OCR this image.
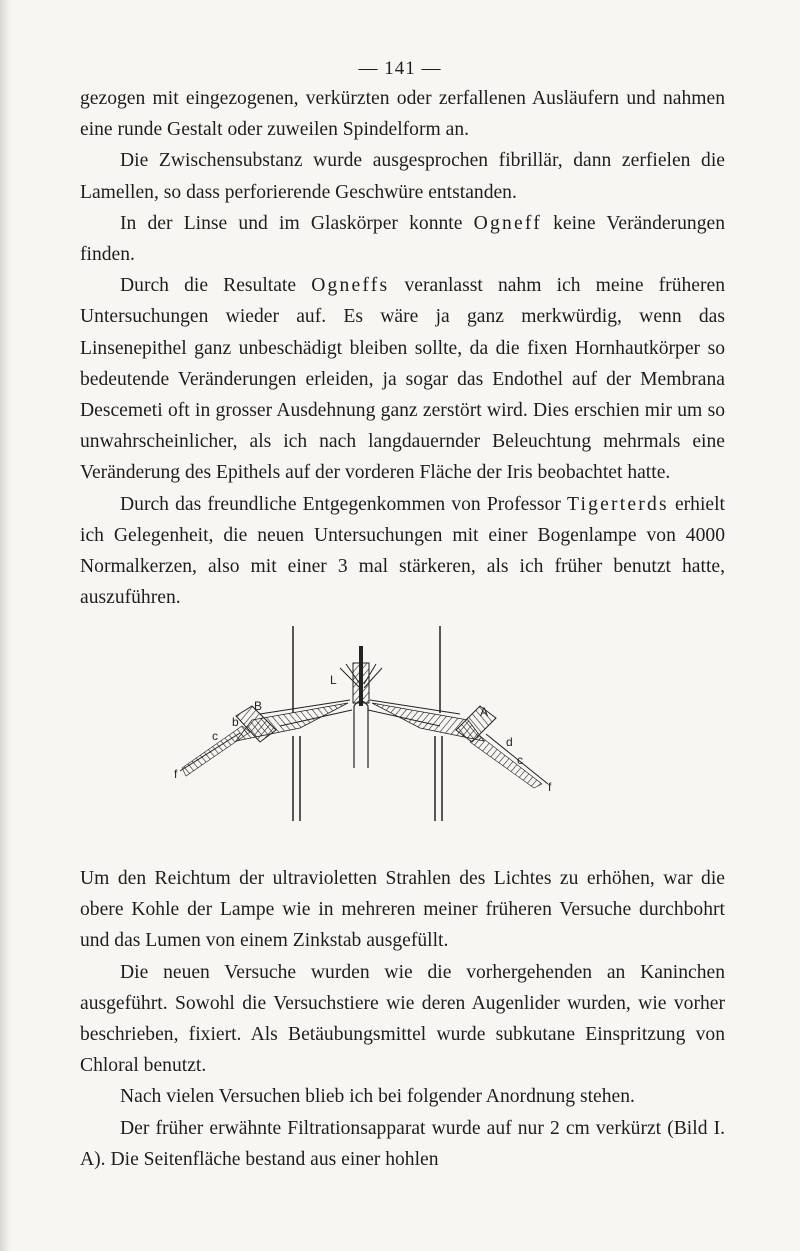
— 141 —

gezogen mit eingezogenen, verkürzten oder zerfallenen Ausläufern und nahmen eine runde Gestalt oder zuweilen Spindelform an.

Die Zwischensubstanz wurde ausgesprochen fibrillär, dann zerfielen die Lamellen, so dass perforierende Geschwüre entstanden.

In der Linse und im Glaskörper konnte Ogneff keine Veränderungen finden.

Durch die Resultate Ogneffs veranlasst nahm ich meine früheren Untersuchungen wieder auf. Es wäre ja ganz merkwürdig, wenn das Linsenepithel ganz unbeschädigt bleiben sollte, da die fixen Hornhautkörper so bedeutende Veränderungen erleiden, ja sogar das Endothel auf der Membrana Descemeti oft in grosser Ausdehnung ganz zerstört wird. Dies erschien mir um so unwahrscheinlicher, als ich nach langdauernder Beleuchtung mehrmals eine Veränderung des Epithels auf der vorderen Fläche der Iris beobachtet hatte.

Durch das freundliche Entgegenkommen von Professor Tigerterds erhielt ich Gelegenheit, die neuen Untersuchungen mit einer Bogenlampe von 4000 Normalkerzen, also mit einer 3 mal stärkeren, als ich früher benutzt hatte, auszuführen.

L
B	A
b
c
f
d
c
f

Um den Reichtum der ultravioletten Strahlen des Lichtes zu erhöhen, war die obere Kohle der Lampe wie in mehreren meiner früheren Versuche durchbohrt und das Lumen von einem Zinkstab ausgefüllt.

Die neuen Versuche wurden wie die vorhergehenden an Kaninchen ausgeführt. Sowohl die Versuchstiere wie deren Augenlider wurden, wie vorher beschrieben, fixiert. Als Betäubungsmittel wurde subkutane Einspritzung von Chloral benutzt.

Nach vielen Versuchen blieb ich bei folgender Anordnung stehen.

Der früher erwähnte Filtrationsapparat wurde auf nur 2 cm verkürzt (Bild I. A). Die Seitenfläche bestand aus einer hohlen
